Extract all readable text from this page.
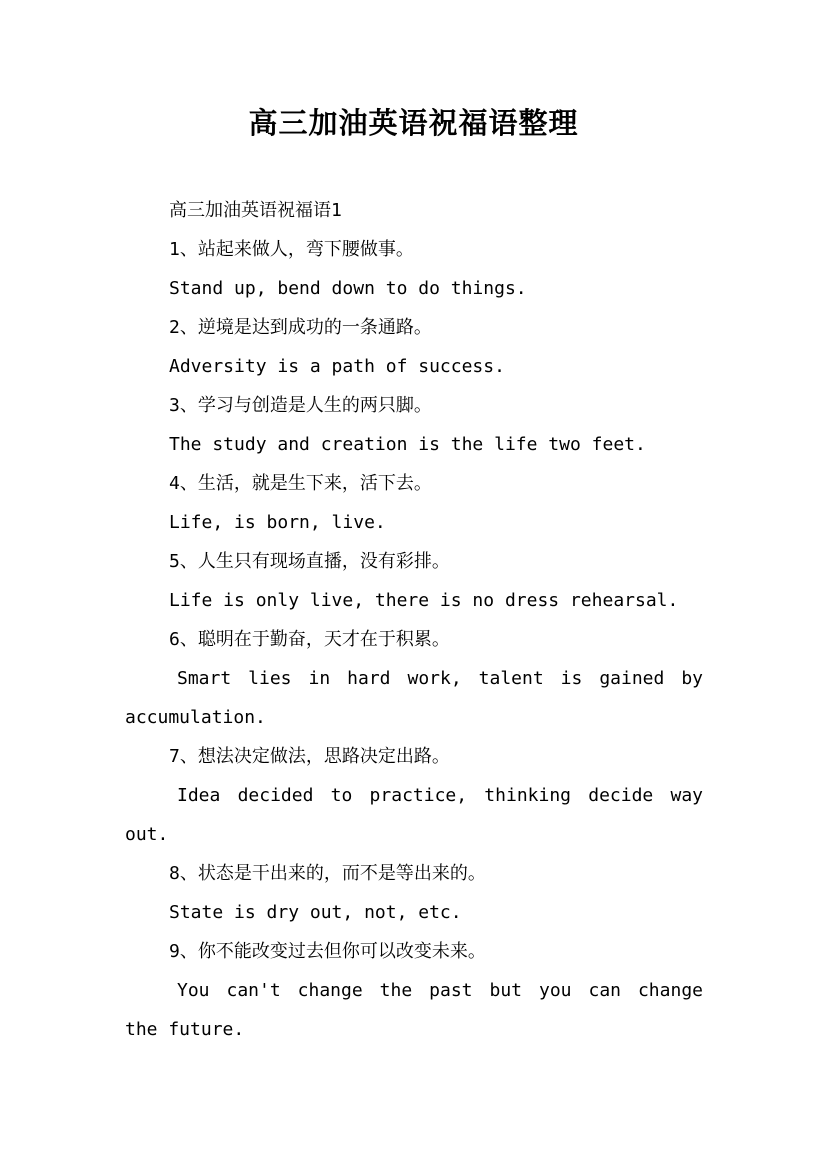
高三加油英语祝福语整理
高三加油英语祝福语1
1、站起来做人，弯下腰做事。
Stand up, bend down to do things.
2、逆境是达到成功的一条通路。
Adversity is a path of success.
3、学习与创造是人生的两只脚。
The study and creation is the life two feet.
4、生活，就是生下来，活下去。
Life, is born, live.
5、人生只有现场直播，没有彩排。
Life is only live, there is no dress rehearsal.
6、聪明在于勤奋，天才在于积累。
Smart lies in hard work, talent is gained by
accumulation.
7、想法决定做法，思路决定出路。
Idea decided to practice, thinking decide way
out.
8、状态是干出来的，而不是等出来的。
State is dry out, not, etc.
9、你不能改变过去但你可以改变未来。
You can't change the past but you can change
the future.
